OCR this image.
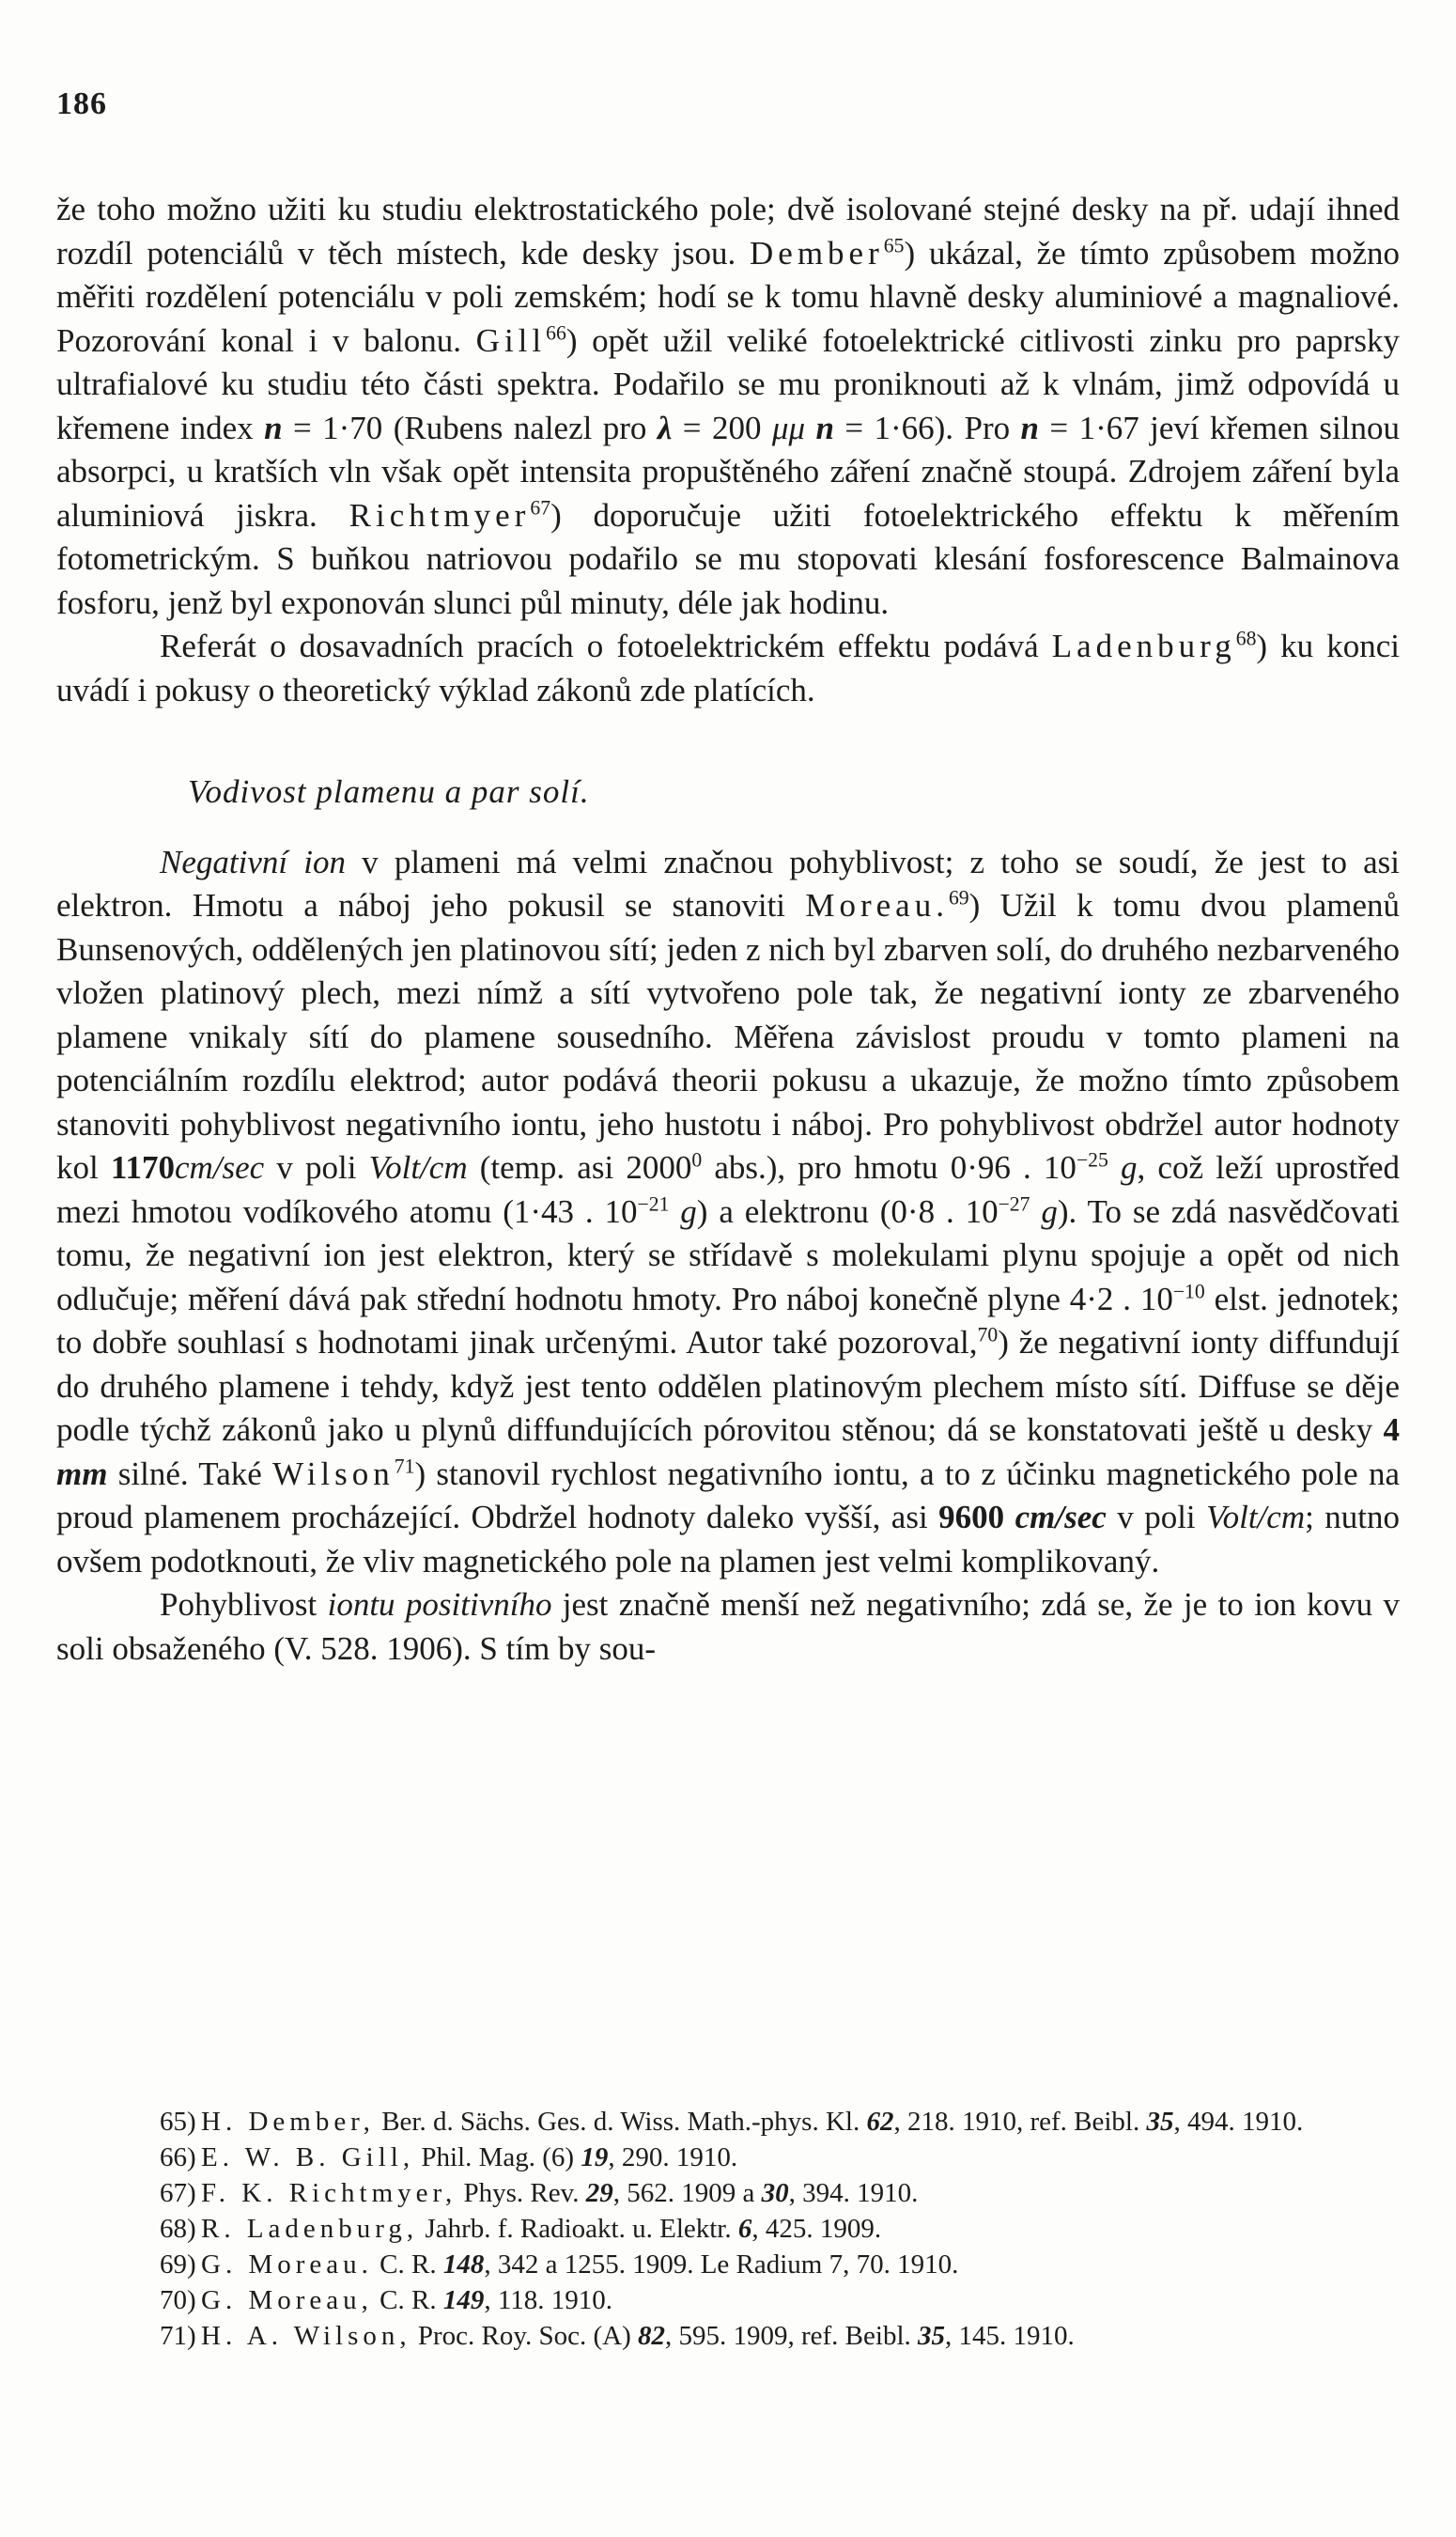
186

že toho možno užiti ku studiu elektrostatického pole; dvě isolované stejné desky na př. udají ihned rozdíl potenciálů v těch místech, kde desky jsou. Dember$^{65}$) ukázal, že tímto způsobem možno měřiti rozdělení potenciálu v poli zemském; hodí se k tomu hlavně desky aluminiové a magnaliové. Pozorování konal i v balonu. Gill$^{66}$) opět užil veliké fotoelektrické citlivosti zinku pro paprsky ultrafialové ku studiu této části spektra. Podařilo se mu proniknouti až k vlnám, jimž odpovídá u křemene index n = 1·70 (Rubens nalezl pro λ = 200 μμ n = 1·66). Pro n = 1·67 jeví křemen silnou absorpci, u kratších vln však opět intensita propuštěného záření značně stoupá. Zdrojem záření byla aluminiová jiskra. Richtmyer$^{67}$) doporučuje užiti fotoelektrického effektu k měřením fotometrickým. S buňkou natriovou podařilo se mu stopovati klesání fosforescence Balmainova fosforu, jenž byl exponován slunci půl minuty, déle jak hodinu.

Referát o dosavadních pracích o fotoelektrickém effektu podává Ladenburg$^{68}$) ku konci uvádí i pokusy o theoretický výklad zákonů zde platících.

Vodivost plamenu a par solí.

Negativní ion v plameni má velmi značnou pohyblivost; z toho se soudí, že jest to asi elektron. Hmotu a náboj jeho pokusil se stanoviti Moreau.$^{69}$) Užil k tomu dvou plamenů Bunsenových, oddělených jen platinovou sítí; jeden z nich byl zbarven solí, do druhého nezbarveného vložen platinový plech, mezi nímž a sítí vytvořeno pole tak, že negativní ionty ze zbarveného plamene vnikaly sítí do plamene sousedního. Měřena závislost proudu v tomto plameni na potenciálním rozdílu elektrod; autor podává theorii pokusu a ukazuje, že možno tímto způsobem stanoviti pohyblivost negativního iontu, jeho hustotu i náboj. Pro pohyblivost obdržel autor hodnoty kol 1170cm/sec v poli Volt/cm (temp. asi 2000$^0$ abs.), pro hmotu 0·96 . $10^{-25}$ g, což leží uprostřed mezi hmotou vodíkového atomu (1·43 . $10^{-21}$ g) a elektronu (0·8 . $10^{-27}$ g). To se zdá nasvědčovati tomu, že negativní ion jest elektron, který se střídavě s molekulami plynu spojuje a opět od nich odlučuje; měření dává pak střední hodnotu hmoty. Pro náboj konečně plyne 4·2 . $10^{-10}$ elst. jednotek; to dobře souhlasí s hodnotami jinak určenými. Autor také pozoroval,$^{70}$) že negativní ionty diffundují do druhého plamene i tehdy, když jest tento oddělen platinovým plechem místo sítí. Diffuse se děje podle týchž zákonů jako u plynů diffundujících pórovitou stěnou; dá se konstatovati ještě u desky 4 mm silné. Také Wilson$^{71}$) stanovil rychlost negativního iontu, a to z účinku magnetického pole na proud plamenem procházející. Obdržel hodnoty daleko vyšší, asi 9600 cm/sec v poli Volt/cm; nutno ovšem podotknouti, že vliv magnetického pole na plamen jest velmi komplikovaný.

Pohyblivost iontu positivního jest značně menší než negativního; zdá se, že je to ion kovu v soli obsaženého (V. 528. 1906). S tím by sou-

65) H. Dember, Ber. d. Sächs. Ges. d. Wiss. Math.-phys. Kl. 62, 218. 1910, ref. Beibl. 35, 494. 1910.

66) E. W. B. Gill, Phil. Mag. (6) 19, 290. 1910.

67) F. K. Richtmyer, Phys. Rev. 29, 562. 1909 a 30, 394. 1910.

68) R. Ladenburg, Jahrb. f. Radioakt. u. Elektr. 6, 425. 1909.

69) G. Moreau. C. R. 148, 342 a 1255. 1909. Le Radium 7, 70. 1910.

70) G. Moreau, C. R. 149, 118. 1910.

71) H. A. Wilson, Proc. Roy. Soc. (A) 82, 595. 1909, ref. Beibl. 35, 145. 1910.
